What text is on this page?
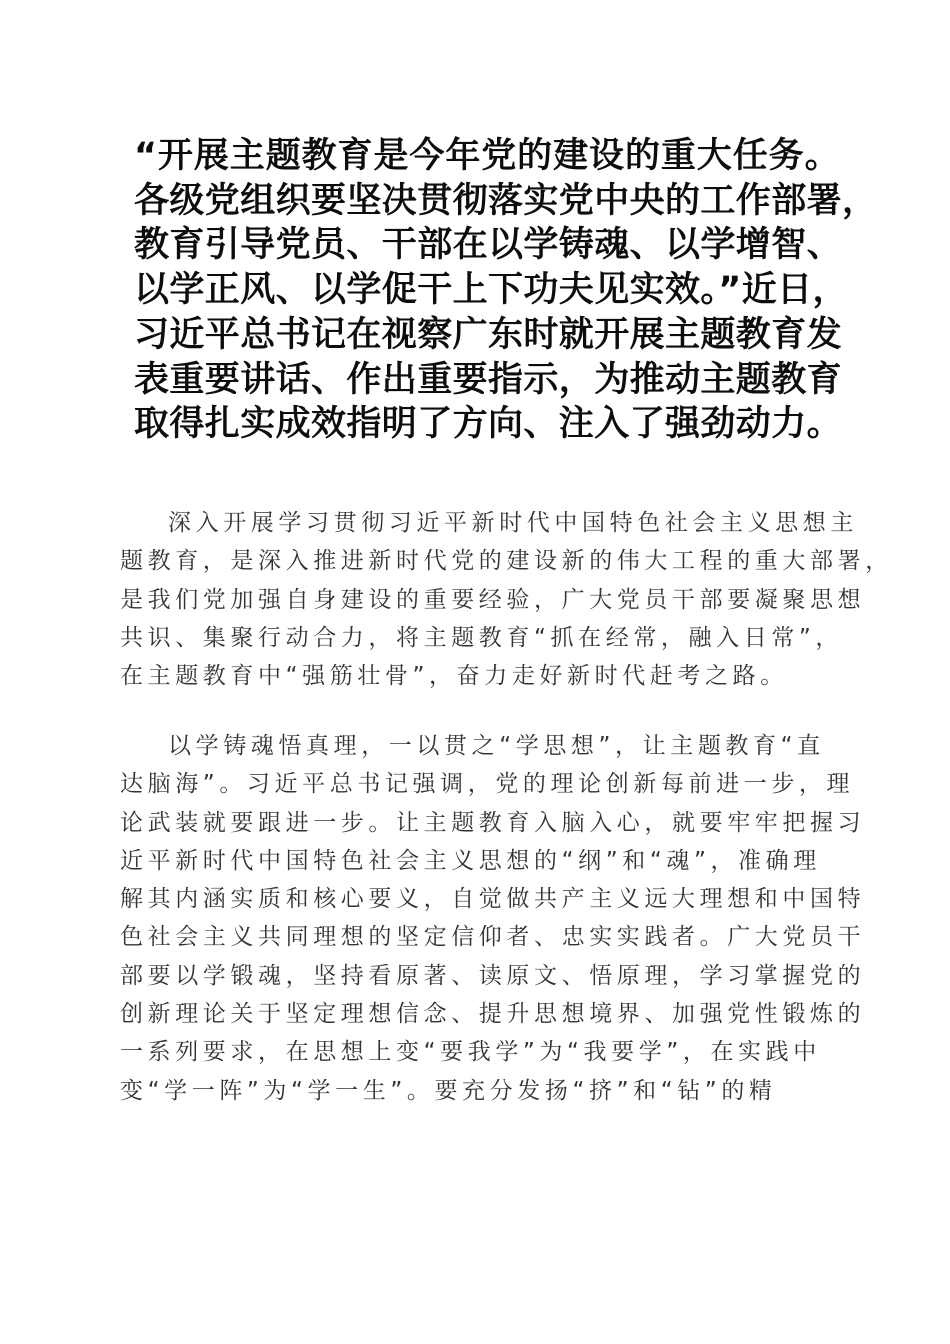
“开展主题教育是今年党的建设的重大任务。
各级党组织要坚决贯彻落实党中央的工作部署，
教育引导党员、干部在以学铸魂、以学增智、
以学正风、以学促干上下功夫见实效。”近日，
习近平总书记在视察广东时就开展主题教育发
表重要讲话、作出重要指示，为推动主题教育
取得扎实成效指明了方向、注入了强劲动力。
深入开展学习贯彻习近平新时代中国特色社会主义思想主
题教育，是深入推进新时代党的建设新的伟大工程的重大部署，
是我们党加强自身建设的重要经验，广大党员干部要凝聚思想
共识、集聚行动合力，将主题教育“抓在经常，融入日常”，
在主题教育中“强筋壮骨”，奋力走好新时代赶考之路。
以学铸魂悟真理，一以贯之“学思想”，让主题教育“直
达脑海”。习近平总书记强调，党的理论创新每前进一步，理
论武装就要跟进一步。让主题教育入脑入心，就要牢牢把握习
近平新时代中国特色社会主义思想的“纲”和“魂”，准确理
解其内涵实质和核心要义，自觉做共产主义远大理想和中国特
色社会主义共同理想的坚定信仰者、忠实实践者。广大党员干
部要以学锻魂，坚持看原著、读原文、悟原理，学习掌握党的
创新理论关于坚定理想信念、提升思想境界、加强党性锻炼的
一系列要求，在思想上变“要我学”为“我要学”，在实践中
变“学一阵”为“学一生”。要充分发扬“挤”和“钻”的精
